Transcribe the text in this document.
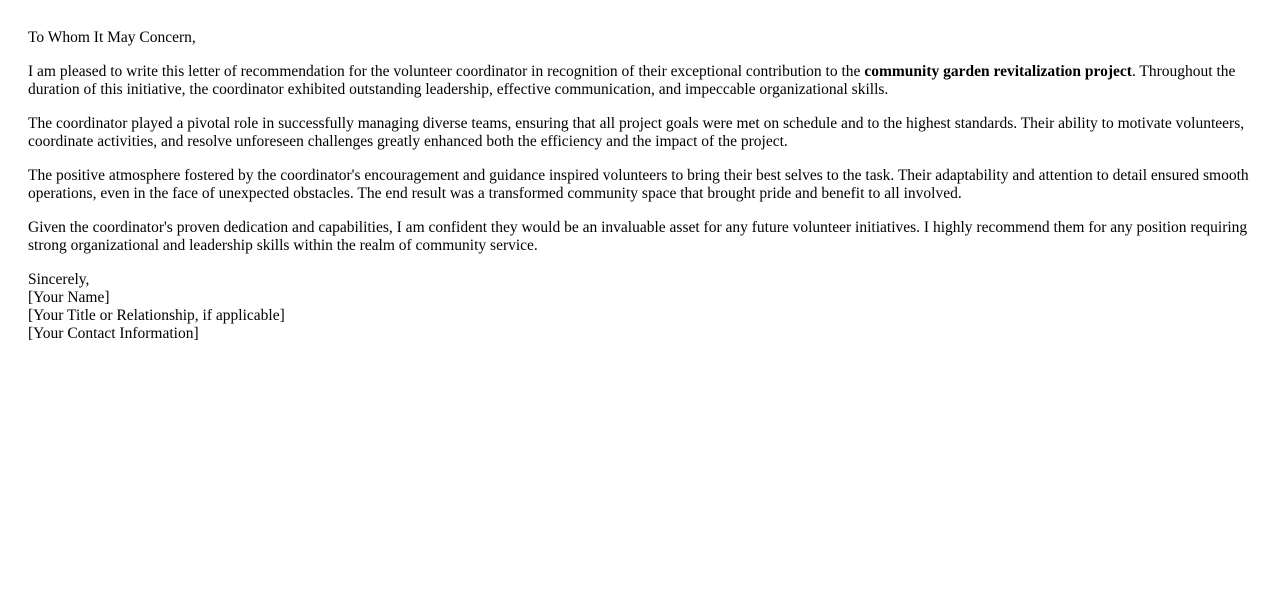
To Whom It May Concern,

I am pleased to write this letter of recommendation for the volunteer coordinator in recognition of their exceptional contribution to the community garden revitalization project. Throughout the duration of this initiative, the coordinator exhibited outstanding leadership, effective communication, and impeccable organizational skills.

The coordinator played a pivotal role in successfully managing diverse teams, ensuring that all project goals were met on schedule and to the highest standards. Their ability to motivate volunteers, coordinate activities, and resolve unforeseen challenges greatly enhanced both the efficiency and the impact of the project.

The positive atmosphere fostered by the coordinator's encouragement and guidance inspired volunteers to bring their best selves to the task. Their adaptability and attention to detail ensured smooth operations, even in the face of unexpected obstacles. The end result was a transformed community space that brought pride and benefit to all involved.

Given the coordinator's proven dedication and capabilities, I am confident they would be an invaluable asset for any future volunteer initiatives. I highly recommend them for any position requiring strong organizational and leadership skills within the realm of community service.

Sincerely,
[Your Name]
[Your Title or Relationship, if applicable]
[Your Contact Information]
